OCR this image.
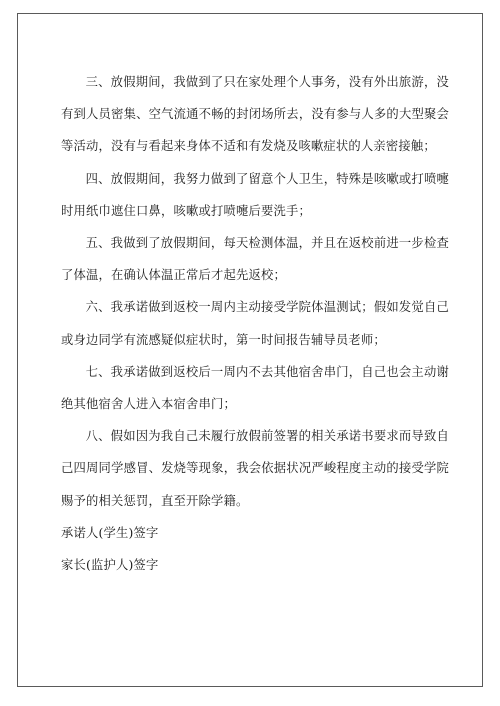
三、放假期间，我做到了只在家处理个人事务，没有外出旅游，没有到人员密集、空气流通不畅的封闭场所去，没有参与人多的大型聚会等活动，没有与看起来身体不适和有发烧及咳嗽症状的人亲密接触；

四、放假期间，我努力做到了留意个人卫生，特殊是咳嗽或打喷嚏时用纸巾遮住口鼻，咳嗽或打喷嚏后要洗手；

五、我做到了放假期间，每天检测体温，并且在返校前进一步检查了体温，在确认体温正常后才起先返校；

六、我承诺做到返校一周内主动接受学院体温测试；假如发觉自己或身边同学有流感疑似症状时，第一时间报告辅导员老师；

七、我承诺做到返校后一周内不去其他宿舍串门，自己也会主动谢绝其他宿舍人进入本宿舍串门；

八、假如因为我自己未履行放假前签署的相关承诺书要求而导致自己四周同学感冒、发烧等现象，我会依据状况严峻程度主动的接受学院赐予的相关惩罚，直至开除学籍。

承诺人(学生)签字

家长(监护人)签字
